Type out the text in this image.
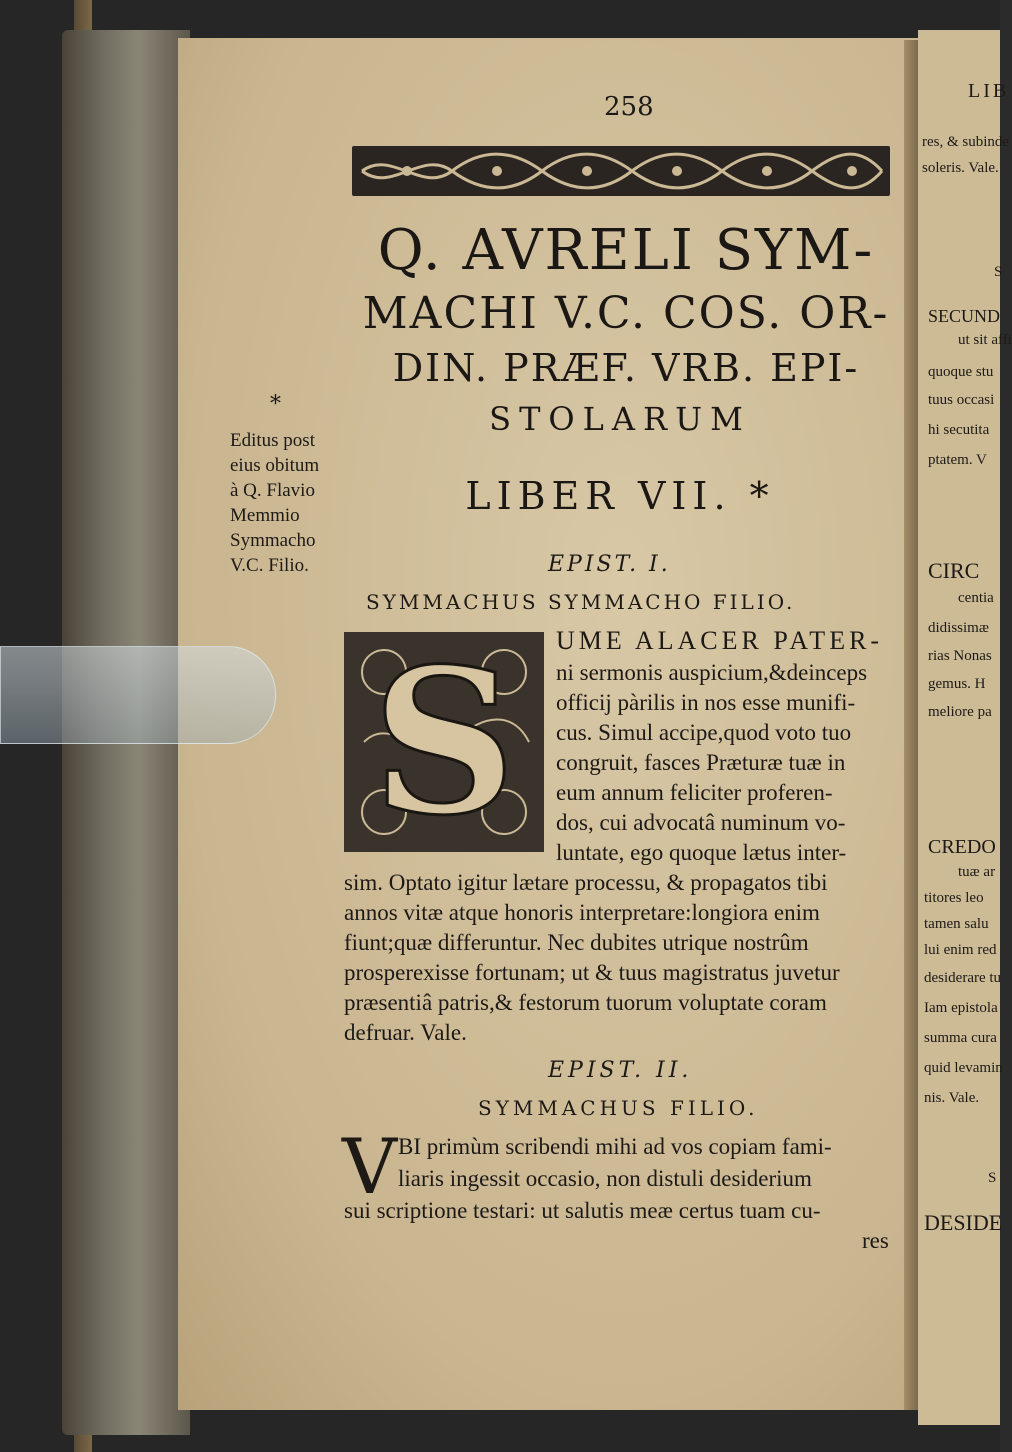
LIB
res, & subinde
soleris. Vale.
S
SECUND
ut sit affi
quoque stu
tuus occasi
hi secutita
ptatem. V
CIRC
centia
didissimæ
rias Nonas
gemus. H
meliore pa
CREDO
tuæ ar
titores leo
tamen salu
lui enim red
desiderare tu
Iam epistola
summa cura
quid levamin
nis. Vale.
S
DESIDE
258
Q. AVRELI SYM-
MACHI V.C. COS. OR-
DIN. PRÆF. VRB. EPI-
STOLARUM
LIBER VII. *
*
Editus post
eius obitum
à Q. Flavio
Memmio
Symmacho
V.C. Filio.	EPIST. I.
SYMMACHUS SYMMACHO FILIO.
S UME ALACER PATER-
ni sermonis auspicium,&deinceps
officij pàrilis in nos esse munifi-
cus. Simul accipe,quod voto tuo
congruit, fasces Præturæ tuæ in
eum annum feliciter proferen-
dos, cui advocatâ numinum vo-
luntate, ego quoque lætus inter-
sim. Optato igitur lætare processu, & propagatos tibi
annos vitæ atque honoris interpretare:longiora enim
fiunt;quæ differuntur. Nec dubites utrique nostrûm
prosperexisse fortunam; ut & tuus magistratus juvetur
præsentiâ patris,& festorum tuorum voluptate coram
defruar. Vale.
EPIST. II.
SYMMACHUS FILIO.
V BI primùm scribendi mihi ad vos copiam fami-
liaris ingessit occasio, non distuli desiderium
sui scriptione testari: ut salutis meæ certus tuam cu-
res
